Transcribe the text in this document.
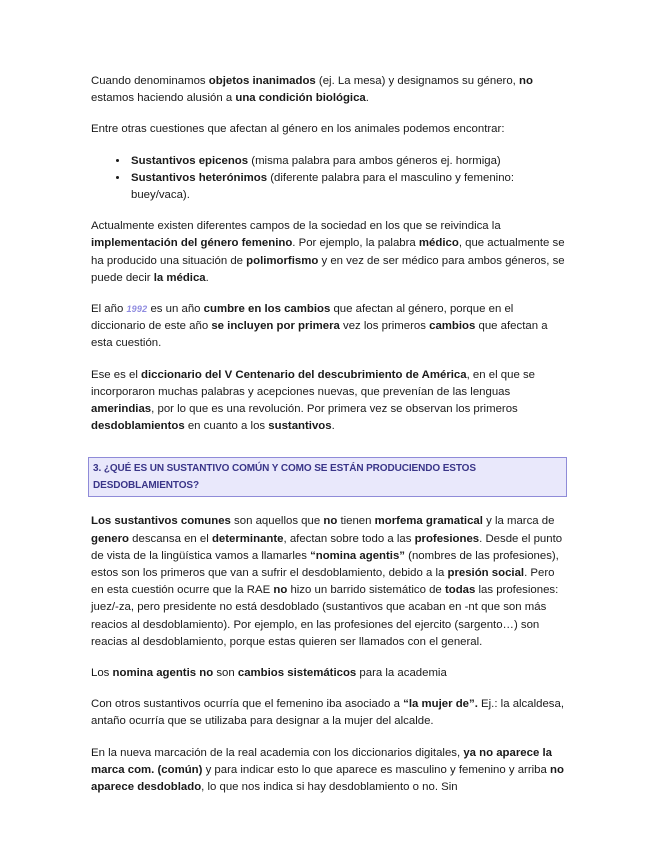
Cuando denominamos objetos inanimados (ej. La mesa) y designamos su género, no estamos haciendo alusión a una condición biológica.

Entre otras cuestiones que afectan al género en los animales podemos encontrar:

• Sustantivos epicenos (misma palabra para ambos géneros ej. hormiga)
• Sustantivos heterónimos (diferente palabra para el masculino y femenino: buey/vaca).

Actualmente existen diferentes campos de la sociedad en los que se reivindica la implementación del género femenino. Por ejemplo, la palabra médico, que actualmente se ha producido una situación de polimorfismo y en vez de ser médico para ambos géneros, se puede decir la médica.

El año 1992 es un año cumbre en los cambios que afectan al género, porque en el diccionario de este año se incluyen por primera vez los primeros cambios que afectan a esta cuestión.

Ese es el diccionario del V Centenario del descubrimiento de América, en el que se incorporaron muchas palabras y acepciones nuevas, que prevenían de las lenguas amerindias, por lo que es una revolución. Por primera vez se observan los primeros desdoblamientos en cuanto a los sustantivos.

3. ¿QUÉ ES UN SUSTANTIVO COMÚN Y COMO SE ESTÁN PRODUCIENDO ESTOS DESDOBLAMIENTOS?

Los sustantivos comunes son aquellos que no tienen morfema gramatical y la marca de genero descansa en el determinante, afectan sobre todo a las profesiones. Desde el punto de vista de la lingüística vamos a llamarles “nomina agentis” (nombres de las profesiones), estos son los primeros que van a sufrir el desdoblamiento, debido a la presión social. Pero en esta cuestión ocurre que la RAE no hizo un barrido sistemático de todas las profesiones: juez/-za, pero presidente no está desdoblado (sustantivos que acaban en -nt que son más reacios al desdoblamiento). Por ejemplo, en las profesiones del ejercito (sargento…) son reacias al desdoblamiento, porque estas quieren ser llamados con el general.

Los nomina agentis no son cambios sistemáticos para la academia

Con otros sustantivos ocurría que el femenino iba asociado a “la mujer de”. Ej.: la alcaldesa, antaño ocurría que se utilizaba para designar a la mujer del alcalde.

En la nueva marcación de la real academia con los diccionarios digitales, ya no aparece la marca com. (común) y para indicar esto lo que aparece es masculino y femenino y arriba no aparece desdoblado, lo que nos indica si hay desdoblamiento o no. Sin
